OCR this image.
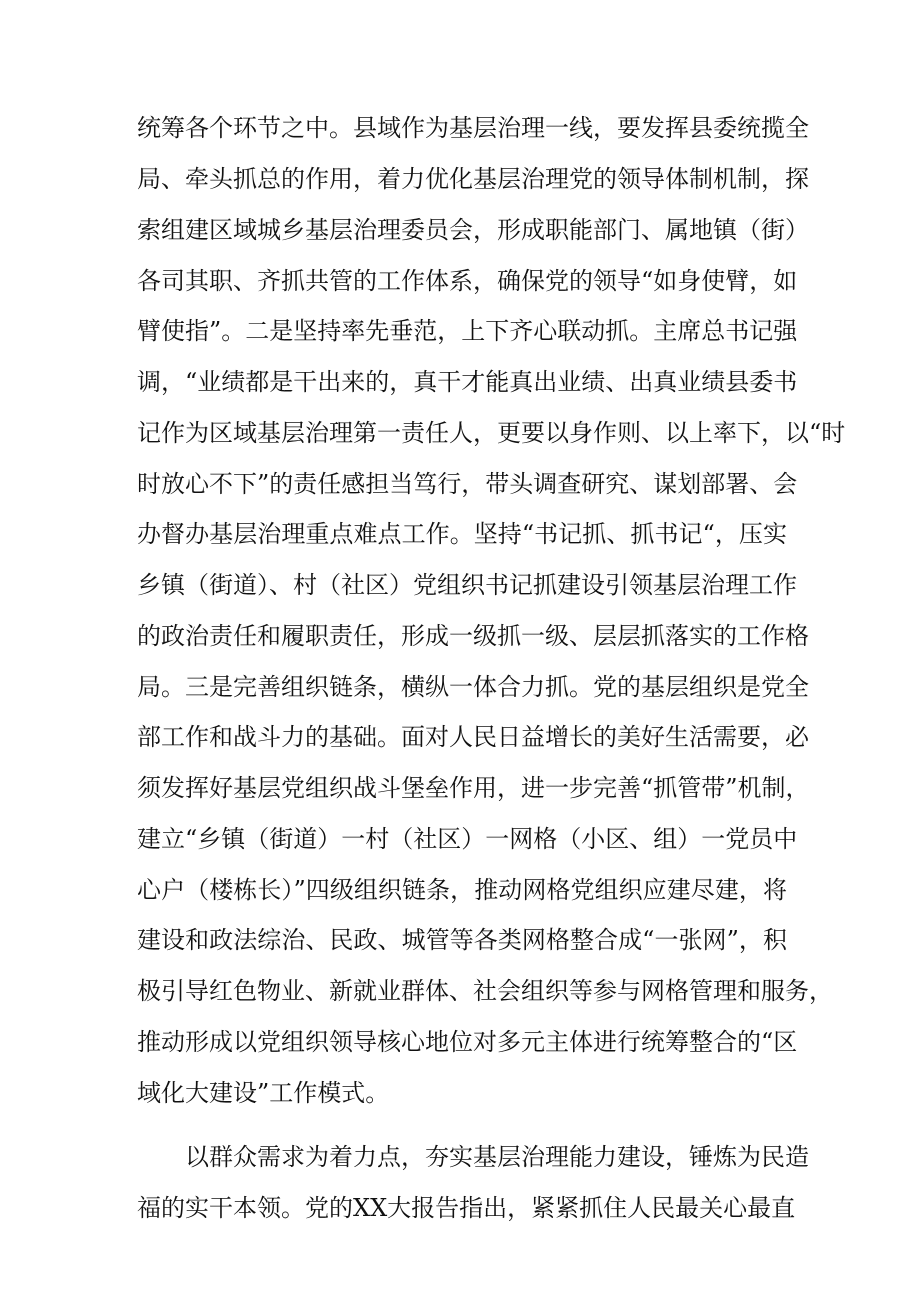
统筹各个环节之中。县域作为基层治理一线，要发挥县委统揽全
局、牵头抓总的作用，着力优化基层治理党的领导体制机制，探
索组建区域城乡基层治理委员会，形成职能部门、属地镇（街）
各司其职、齐抓共管的工作体系，确保党的领导“如身使臂，如
臂使指”。二是坚持率先垂范，上下齐心联动抓。主席总书记强
调，“业绩都是干出来的，真干才能真出业绩、出真业绩县委书
记作为区域基层治理第一责任人，更要以身作则、以上率下，以“时
时放心不下”的责任感担当笃行，带头调查研究、谋划部署、会
办督办基层治理重点难点工作。坚持“书记抓、抓书记“，压实
乡镇（街道）、村（社区）党组织书记抓建设引领基层治理工作
的政治责任和履职责任，形成一级抓一级、层层抓落实的工作格
局。三是完善组织链条，横纵一体合力抓。党的基层组织是党全
部工作和战斗力的基础。面对人民日益增长的美好生活需要，必
须发挥好基层党组织战斗堡垒作用，进一步完善“抓管带”机制，
建立“乡镇（街道）一村（社区）一网格（小区、组）一党员中
心户（楼栋长）”四级组织链条，推动网格党组织应建尽建，将
建设和政法综治、民政、城管等各类网格整合成“一张网”，积
极引导红色物业、新就业群体、社会组织等参与网格管理和服务，
推动形成以党组织领导核心地位对多元主体进行统筹整合的“区
域化大建设”工作模式。
以群众需求为着力点，夯实基层治理能力建设，锤炼为民造
福的实干本领。党的XX大报告指出，紧紧抓住人民最关心最直
